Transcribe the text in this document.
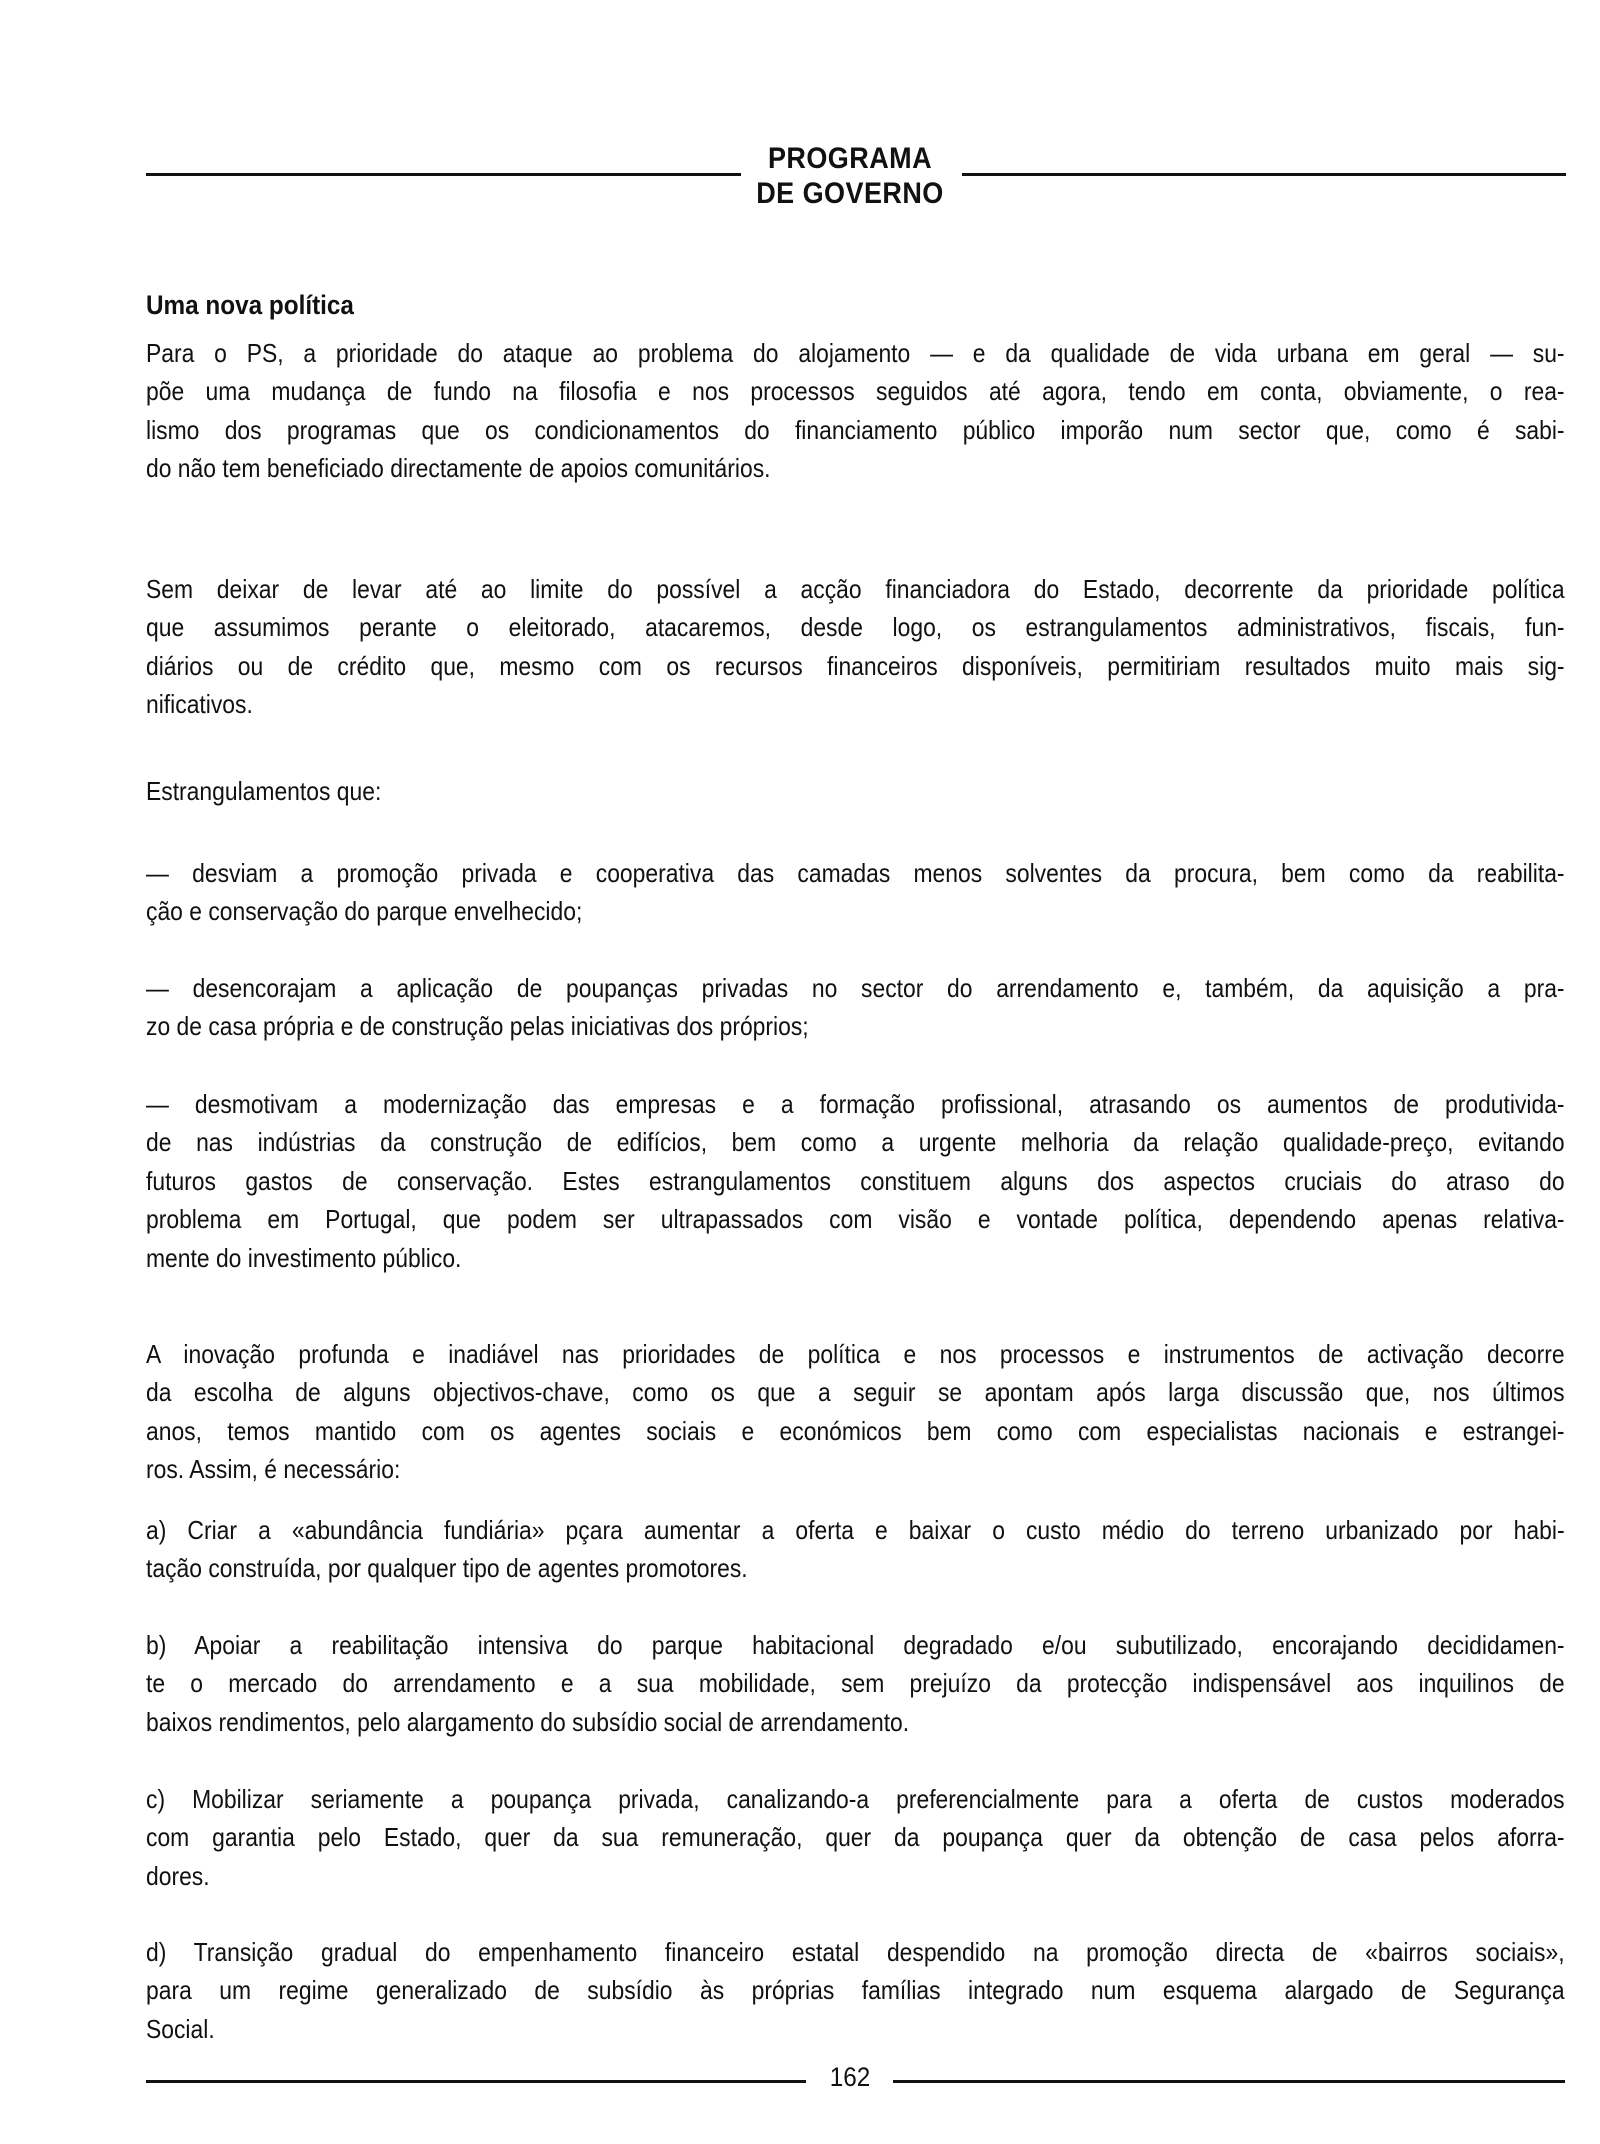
PROGRAMA
DE GOVERNO
Uma nova política
Para o PS, a prioridade do ataque ao problema do alojamento — e da qualidade de vida urbana em geral — su-
põe uma mudança de fundo na filosofia e nos processos seguidos até agora, tendo em conta, obviamente, o rea-
lismo dos programas que os condicionamentos do financiamento público imporão num sector que, como é sabi-
do não tem beneficiado directamente de apoios comunitários.
Sem deixar de levar até ao limite do possível a acção financiadora do Estado, decorrente da prioridade política
que assumimos perante o eleitorado, atacaremos, desde logo, os estrangulamentos administrativos, fiscais, fun-
diários ou de crédito que, mesmo com os recursos financeiros disponíveis, permitiriam resultados muito mais sig-
nificativos.
Estrangulamentos que:
— desviam a promoção privada e cooperativa das camadas menos solventes da procura, bem como da reabilita-
ção e conservação do parque envelhecido;
— desencorajam a aplicação de poupanças privadas no sector do arrendamento e, também, da aquisição a pra-
zo de casa própria e de construção pelas iniciativas dos próprios;
— desmotivam a modernização das empresas e a formação profissional, atrasando os aumentos de produtivida-
de nas indústrias da construção de edifícios, bem como a urgente melhoria da relação qualidade-preço, evitando
futuros gastos de conservação. Estes estrangulamentos constituem alguns dos aspectos cruciais do atraso do
problema em Portugal, que podem ser ultrapassados com visão e vontade política, dependendo apenas relativa-
mente do investimento público.
A inovação profunda e inadiável nas prioridades de política e nos processos e instrumentos de activação decorre
da escolha de alguns objectivos-chave, como os que a seguir se apontam após larga discussão que, nos últimos
anos, temos mantido com os agentes sociais e económicos bem como com especialistas nacionais e estrangei-
ros. Assim, é necessário:
a) Criar a «abundância fundiária» pçara aumentar a oferta e baixar o custo médio do terreno urbanizado por habi-
tação construída, por qualquer tipo de agentes promotores.
b) Apoiar a reabilitação intensiva do parque habitacional degradado e/ou subutilizado, encorajando decididamen-
te o mercado do arrendamento e a sua mobilidade, sem prejuízo da protecção indispensável aos inquilinos de
baixos rendimentos, pelo alargamento do subsídio social de arrendamento.
c) Mobilizar seriamente a poupança privada, canalizando-a preferencialmente para a oferta de custos moderados
com garantia pelo Estado, quer da sua remuneração, quer da poupança quer da obtenção de casa pelos aforra-
dores.
d) Transição gradual do empenhamento financeiro estatal despendido na promoção directa de «bairros sociais»,
para um regime generalizado de subsídio às próprias famílias integrado num esquema alargado de Segurança
Social.
162
